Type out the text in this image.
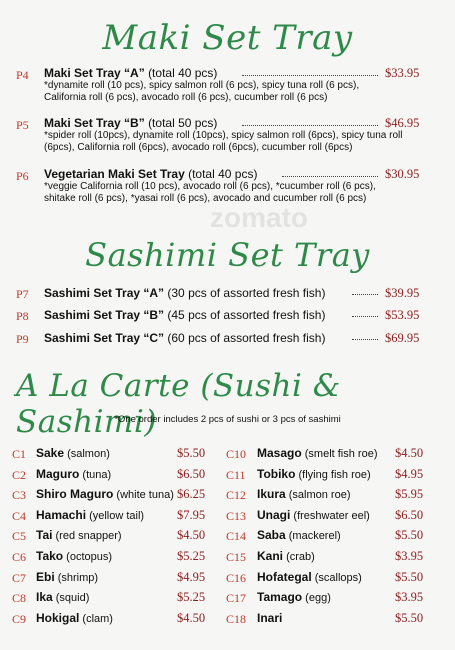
Maki Set Tray
P4 Maki Set Tray “A” (total 40 pcs)	$33.95
*dynamite roll (10 pcs), spicy salmon roll (6 pcs), spicy tuna roll (6 pcs), California roll (6 pcs), avocado roll (6 pcs), cucumber roll (6 pcs)
P5 Maki Set Tray “B” (total 50 pcs)	$46.95
*spider roll (10pcs), dynamite roll (10pcs), spicy salmon roll (6pcs), spicy tuna roll (6pcs), California roll (6pcs), avocado roll (6pcs), cucumber roll (6pcs)
P6 Vegetarian Maki Set Tray (total 40 pcs)	$30.95
*veggie California roll (10 pcs), avocado roll (6 pcs), *cucumber roll (6 pcs), shitake roll (6 pcs), *yasai roll (6 pcs), avocado and cucumber roll (6 pcs)
zomato
Sashimi Set Tray
P7 Sashimi Set Tray “A” (30 pcs of assorted fresh fish)	$39.95
P8 Sashimi Set Tray “B” (45 pcs of assorted fresh fish)	$53.95
P9 Sashimi Set Tray “C” (60 pcs of assorted fresh fish)	$69.95
A La Carte (Sushi & Sashimi)
*One order includes 2 pcs of sushi or 3 pcs of sashimi
C1 Sake (salmon)	$5.50
C2 Maguro (tuna)	$6.50
C3 Shiro Maguro (white tuna) $6.25
C4 Hamachi (yellow tail)	$7.95
C5 Tai (red snapper)	$4.50
C6 Tako (octopus)	$5.25
C7 Ebi (shrimp)	$4.95
C8 Ika (squid)	$5.25
C9 Hokigal (clam)	$4.50
C10 Masago (smelt fish roe) $4.50
C11 Tobiko (flying fish roe) $4.95
C12 Ikura (salmon roe)	$5.95
C13 Unagi (freshwater eel) $6.50
C14 Saba (mackerel)	$5.50
C15 Kani (crab)	$3.95
C16 Hofategal (scallops)	$5.50
C17 Tamago (egg)	$3.95
C18 Inari	$5.50
